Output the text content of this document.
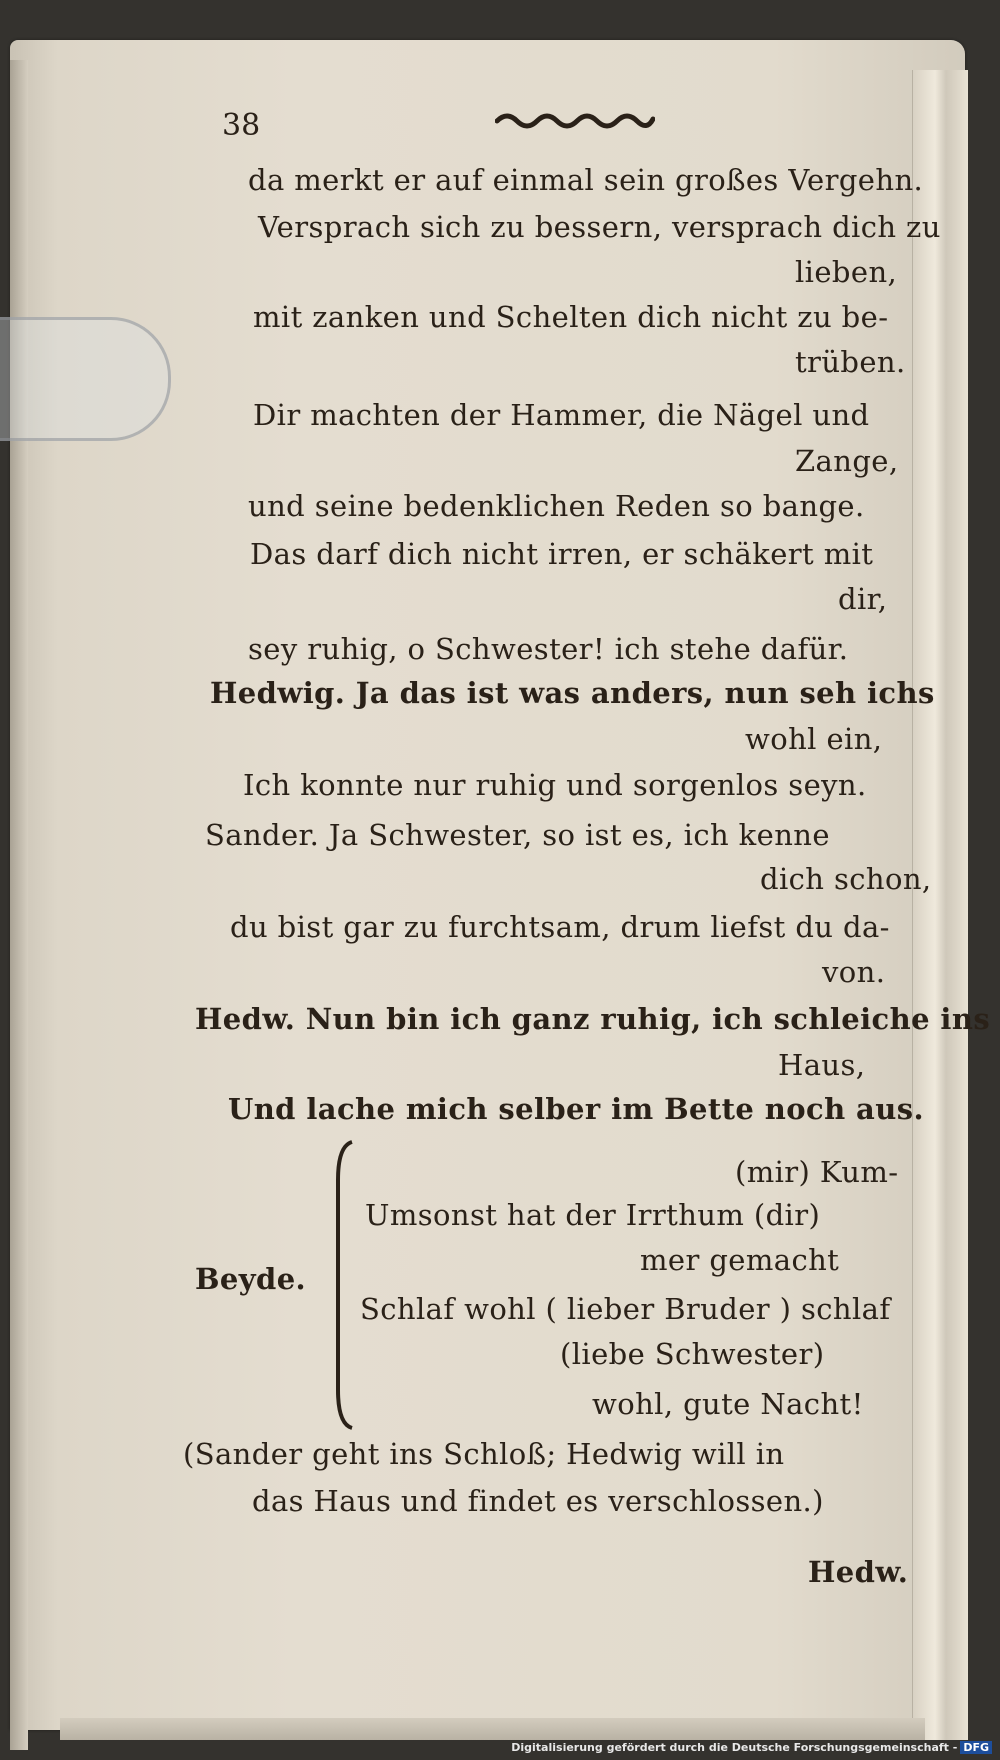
38
da merkt er auf einmal sein großes Vergehn.
Versprach sich zu bessern, versprach dich zu
lieben,
mit zanken und Schelten dich nicht zu be-
trüben.
Dir machten der Hammer, die Nägel und
Zange,
und seine bedenklichen Reden so bange.
Das darf dich nicht irren, er schäkert mit
dir,
sey ruhig, o Schwester! ich stehe dafür.
Hedwig. Ja das ist was anders, nun seh ichs
wohl ein,
Ich konnte nur ruhig und sorgenlos seyn.
Sander. Ja Schwester, so ist es, ich kenne
dich schon,
du bist gar zu furchtsam, drum liefst du da-
von.
Hedw. Nun bin ich ganz ruhig, ich schleiche ins
Haus,
Und lache mich selber im Bette noch aus.
(mir) Kum-
Umsonst hat der Irrthum (dir)
mer gemacht
Beyde.
Schlaf wohl ( lieber Bruder ) schlaf
(liebe Schwester)
wohl, gute Nacht!
(Sander geht ins Schloß; Hedwig will in
das Haus und findet es verschlossen.)
Hedw.
Digitalisierung gefördert durch die Deutsche Forschungsgemeinschaft - DFG
